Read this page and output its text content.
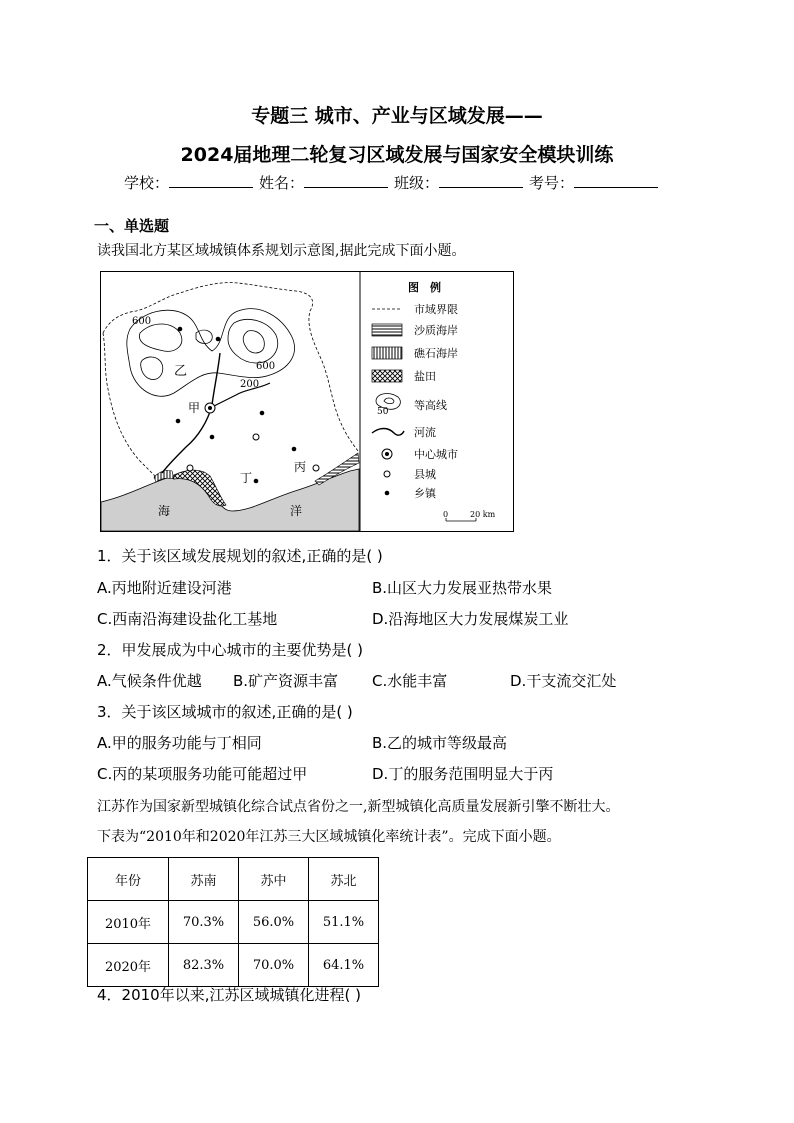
专题三 城市、产业与区域发展——
2024届地理二轮复习区域发展与国家安全模块训练
学校：	姓名：	班级：	考号：
一、单选题
读我国北方某区域城镇体系规划示意图,据此完成下面小题。
600
600
200
乙
甲
丁
丙
海	洋
图　例
市域界限
沙质海岸
礁石海岸
盐田
50 等高线
河流
中心城市
县城
乡镇
0	20 km
1．关于该区域发展规划的叙述,正确的是( )
A.丙地附近建设河港	B.山区大力发展亚热带水果
C.西南沿海建设盐化工基地	D.沿海地区大力发展煤炭工业
2．甲发展成为中心城市的主要优势是( )
A.气候条件优越 B.矿产资源丰富 C.水能丰富	D.干支流交汇处
3．关于该区域城市的叙述,正确的是( )
A.甲的服务功能与丁相同	B.乙的城市等级最高
C.丙的某项服务功能可能超过甲	D.丁的服务范围明显大于丙
江苏作为国家新型城镇化综合试点省份之一,新型城镇化高质量发展新引擎不断壮大。
下表为“2010年和2020年江苏三大区域城镇化率统计表”。完成下面小题。
年份	苏南	苏中	苏北
2010年	70.3%	56.0%	51.1%
2020年	82.3%	70.0%	64.1%
4．2010年以来,江苏区域城镇化进程( )
